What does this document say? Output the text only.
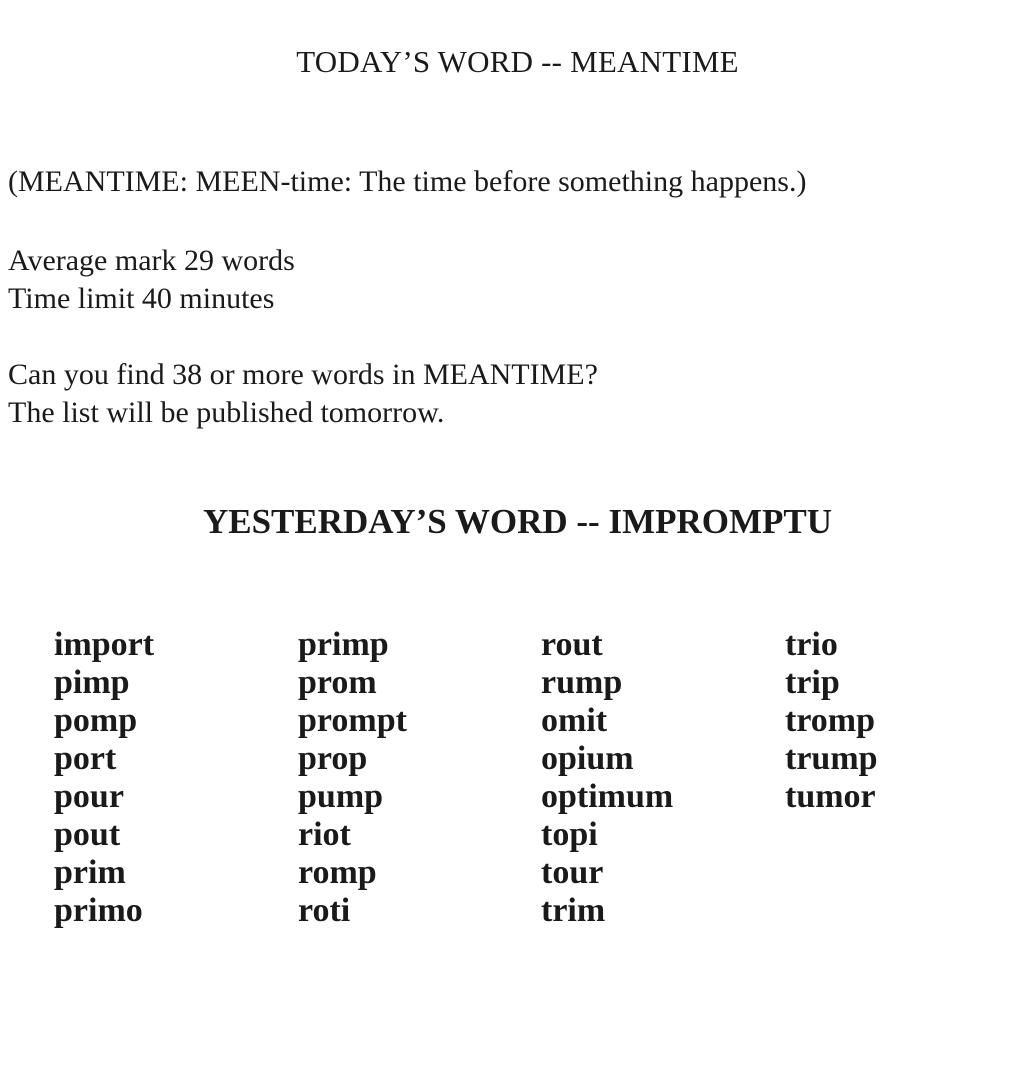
TODAY’S WORD -- MEANTIME

(MEANTIME: MEEN-time: The time before something happens.)

Average mark 29 words
Time limit 40 minutes
Can you find 38 or more words in MEANTIME?
The list will be published tomorrow.
YESTERDAY’S WORD -- IMPROMPTU
import
pimp
pomp
port
pour
pout
prim
primo
primp
prom
prompt
prop
pump
riot
romp
roti
rout
rump
omit
opium
optimum
topi
tour
trim
trio
trip
tromp
trump
tumor
